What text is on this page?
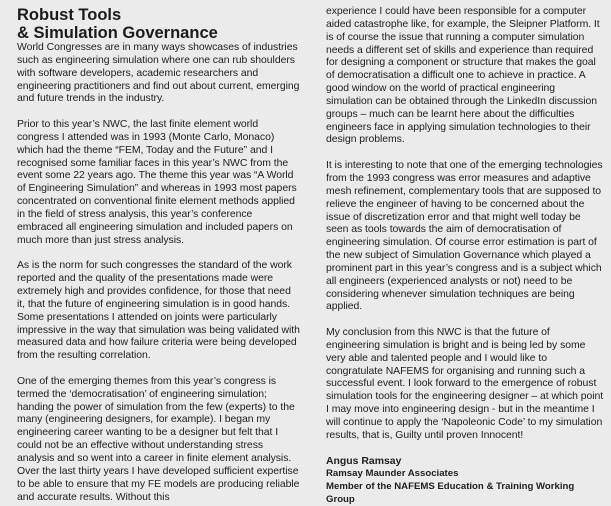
Robust Tools
& Simulation Governance

World Congresses are in many ways showcases of industries such as engineering simulation where one can rub shoulders with software developers, academic researchers and engineering practitioners and find out about current, emerging and future trends in the industry.

Prior to this year’s NWC, the last finite element world congress I attended was in 1993 (Monte Carlo, Monaco) which had the theme “FEM, Today and the Future” and I recognised some familiar faces in this year’s NWC from the event some 22 years ago. The theme this year was “A World of Engineering Simulation” and whereas in 1993 most papers concentrated on conventional finite element methods applied in the field of stress analysis, this year’s conference embraced all engineering simulation and included papers on much more than just stress analysis.

As is the norm for such congresses the standard of the work reported and the quality of the presentations made were extremely high and provides confidence, for those that need it, that the future of engineering simulation is in good hands. Some presentations I attended on joints were particularly impressive in the way that simulation was being validated with measured data and how failure criteria were being developed from the resulting correlation.

One of the emerging themes from this year’s congress is termed the ‘democratisation’ of engineering simulation; handing the power of simulation from the few (experts) to the many (engineering designers, for example). I began my engineering career wanting to be a designer but felt that I could not be an effective without understanding stress analysis and so went into a career in finite element analysis. Over the last thirty years I have developed sufficient expertise to be able to ensure that my FE models are producing reliable and accurate results. Without this

experience I could have been responsible for a computer aided catastrophe like, for example, the Sleipner Platform. It is of course the issue that running a computer simulation needs a different set of skills and experience than required for designing a component or structure that makes the goal of democratisation a difficult one to achieve in practice. A good window on the world of practical engineering simulation can be obtained through the LinkedIn discussion groups – much can be learnt here about the difficulties engineers face in applying simulation technologies to their design problems.

It is interesting to note that one of the emerging technologies from the 1993 congress was error measures and adaptive mesh refinement, complementary tools that are supposed to relieve the engineer of having to be concerned about the issue of discretization error and that might well today be seen as tools towards the aim of democratisation of engineering simulation. Of course error estimation is part of the new subject of Simulation Governance which played a prominent part in this year’s congress and is a subject which all engineers (experienced analysts or not) need to be considering whenever simulation techniques are being applied.

My conclusion from this NWC is that the future of engineering simulation is bright and is being led by some very able and talented people and I would like to congratulate NAFEMS for organising and running such a successful event. I look forward to the emergence of robust simulation tools for the engineering designer – at which point I may move into engineering design - but in the meantime I will continue to apply the ‘Napoleonic Code’ to my simulation results, that is, Guilty until proven Innocent!

Angus Ramsay
Ramsay Maunder Associates
Member of the NAFEMS Education & Training Working Group
